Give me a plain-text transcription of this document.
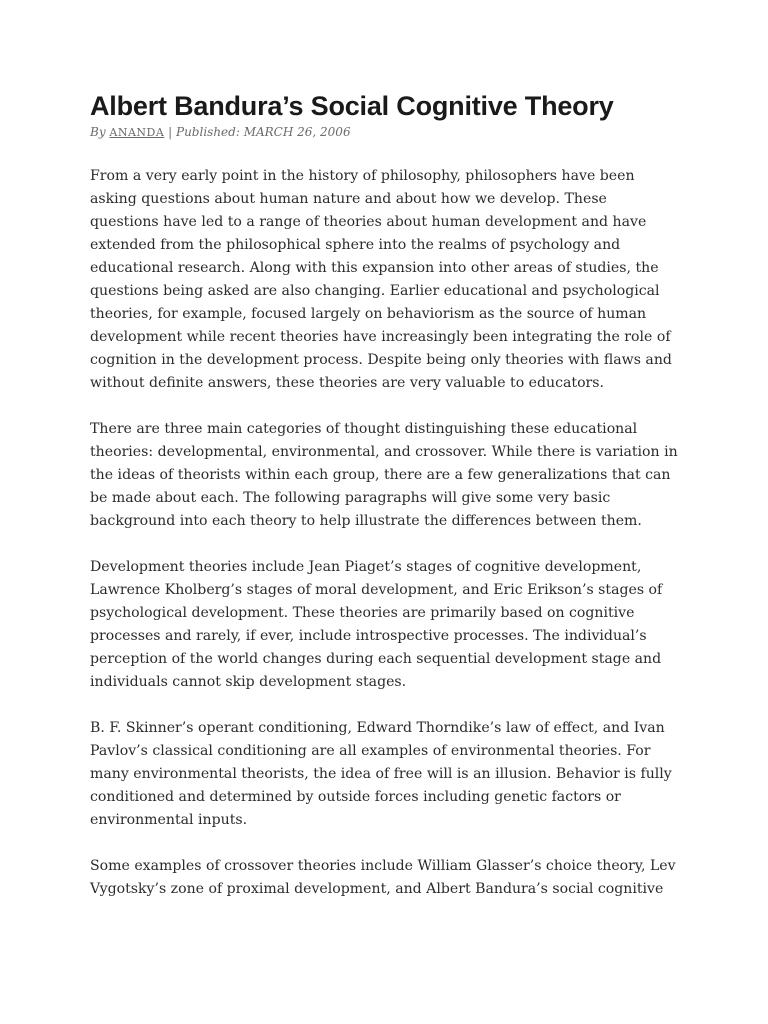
Albert Bandura’s Social Cognitive Theory
By ANANDA | Published: MARCH 26, 2006

From a very early point in the history of philosophy, philosophers have been asking questions about human nature and about how we develop. These questions have led to a range of theories about human development and have extended from the philosophical sphere into the realms of psychology and educational research. Along with this expansion into other areas of studies, the questions being asked are also changing. Earlier educational and psychological theories, for example, focused largely on behaviorism as the source of human development while recent theories have increasingly been integrating the role of cognition in the development process. Despite being only theories with flaws and without definite answers, these theories are very valuable to educators.

There are three main categories of thought distinguishing these educational theories: developmental, environmental, and crossover. While there is variation in the ideas of theorists within each group, there are a few generalizations that can be made about each. The following paragraphs will give some very basic background into each theory to help illustrate the differences between them.

Development theories include Jean Piaget’s stages of cognitive development, Lawrence Kholberg’s stages of moral development, and Eric Erikson’s stages of psychological development. These theories are primarily based on cognitive processes and rarely, if ever, include introspective processes. The individual’s perception of the world changes during each sequential development stage and individuals cannot skip development stages.

B. F. Skinner’s operant conditioning, Edward Thorndike’s law of effect, and Ivan Pavlov’s classical conditioning are all examples of environmental theories. For many environmental theorists, the idea of free will is an illusion. Behavior is fully conditioned and determined by outside forces including genetic factors or environmental inputs.

Some examples of crossover theories include William Glasser’s choice theory, Lev Vygotsky’s zone of proximal development, and Albert Bandura’s social cognitive
